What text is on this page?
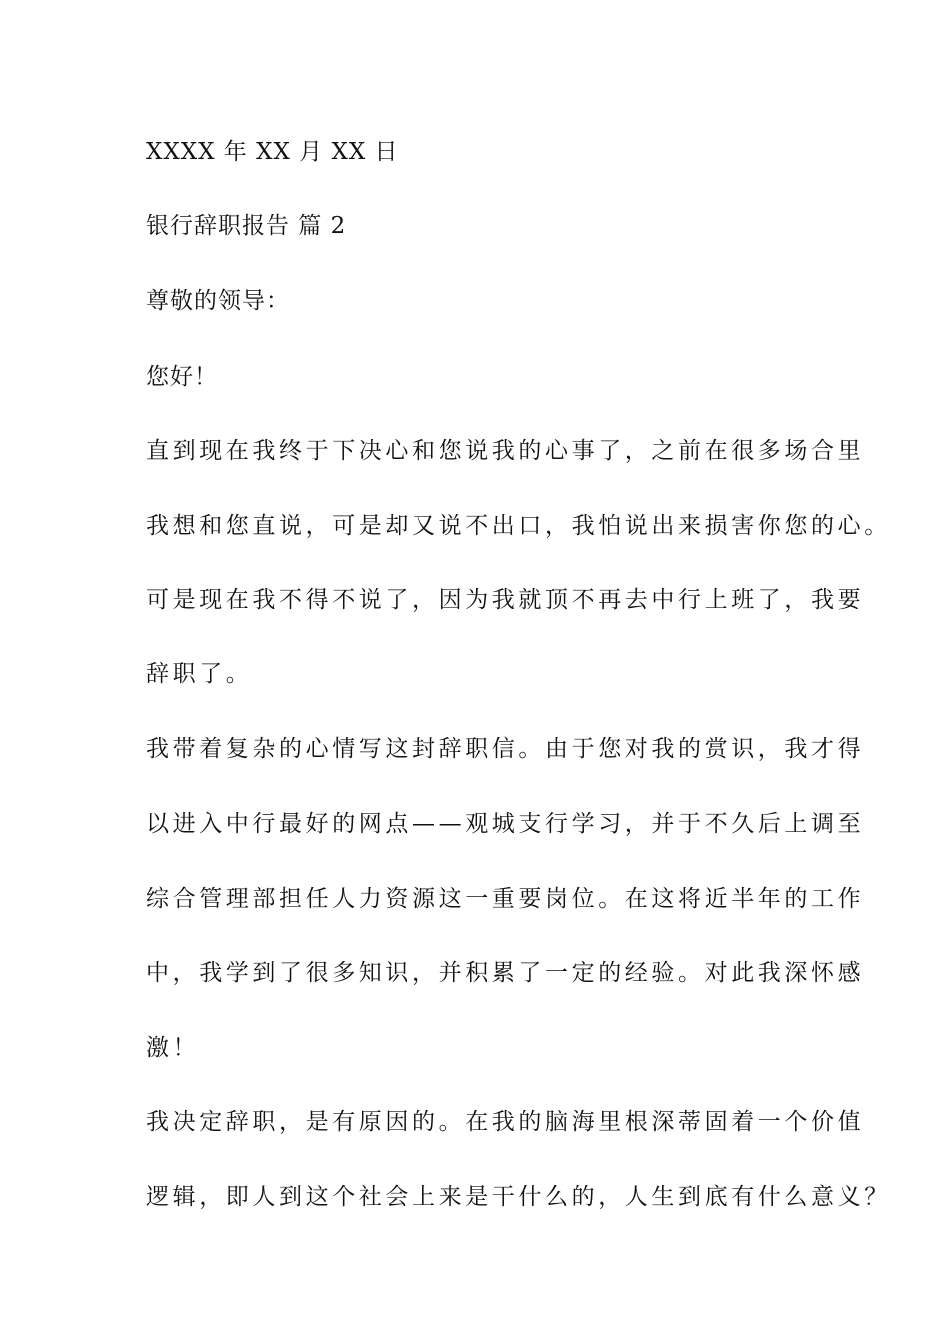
XXXX 年 XX 月 XX 日

银行辞职报告 篇 2

尊敬的领导：

您好！

直到现在我终于下决心和您说我的心事了，之前在很多场合里

我想和您直说，可是却又说不出口，我怕说出来损害你您的心。

可是现在我不得不说了，因为我就顶不再去中行上班了，我要

辞职了。

我带着复杂的心情写这封辞职信。由于您对我的赏识，我才得

以进入中行最好的网点——观城支行学习，并于不久后上调至

综合管理部担任人力资源这一重要岗位。在这将近半年的工作

中，我学到了很多知识，并积累了一定的经验。对此我深怀感

激！

我决定辞职，是有原因的。在我的脑海里根深蒂固着一个价值

逻辑，即人到这个社会上来是干什么的，人生到底有什么意义？
